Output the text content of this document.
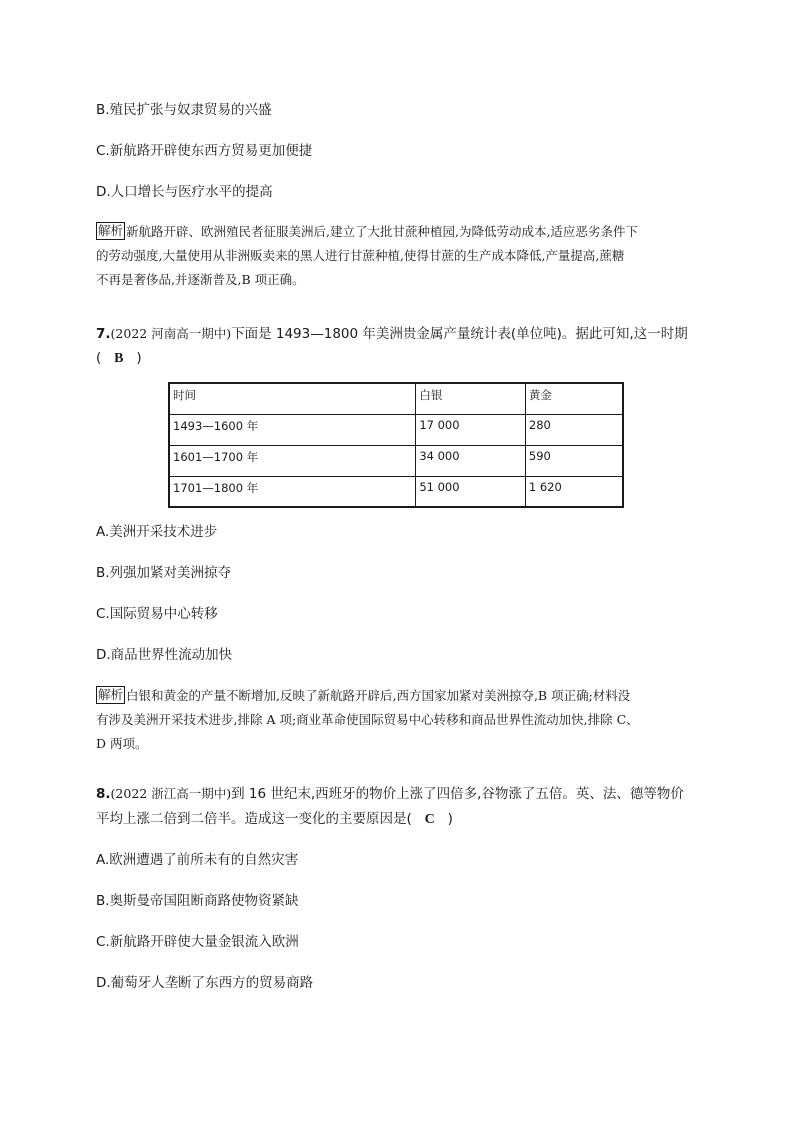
B.殖民扩张与奴隶贸易的兴盛
C.新航路开辟使东西方贸易更加便捷
D.人口增长与医疗水平的提高
解析 新航路开辟、欧洲殖民者征服美洲后,建立了大批甘蔗种植园,为降低劳动成本,适应恶劣条件下
的劳动强度,大量使用从非洲贩卖来的黑人进行甘蔗种植,使得甘蔗的生产成本降低,产量提高,蔗糖
不再是奢侈品,并逐渐普及,B 项正确。
7.(2022 河南高一期中)下面是 1493—1800 年美洲贵金属产量统计表(单位吨)。据此可知,这一时期
( B )
时间	白银	黄金
1493—1600 年	17 000	280
1601—1700 年	34 000	590
1701—1800 年	51 000	1 620
A.美洲开采技术进步
B.列强加紧对美洲掠夺
C.国际贸易中心转移
D.商品世界性流动加快
解析 白银和黄金的产量不断增加,反映了新航路开辟后,西方国家加紧对美洲掠夺,B 项正确;材料没
有涉及美洲开采技术进步,排除 A 项;商业革命使国际贸易中心转移和商品世界性流动加快,排除 C、
D 两项。
8.(2022 浙江高一期中)到 16 世纪末,西班牙的物价上涨了四倍多,谷物涨了五倍。英、法、德等物价
平均上涨二倍到二倍半。造成这一变化的主要原因是( C )
A.欧洲遭遇了前所未有的自然灾害
B.奥斯曼帝国阻断商路使物资紧缺
C.新航路开辟使大量金银流入欧洲
D.葡萄牙人垄断了东西方的贸易商路
